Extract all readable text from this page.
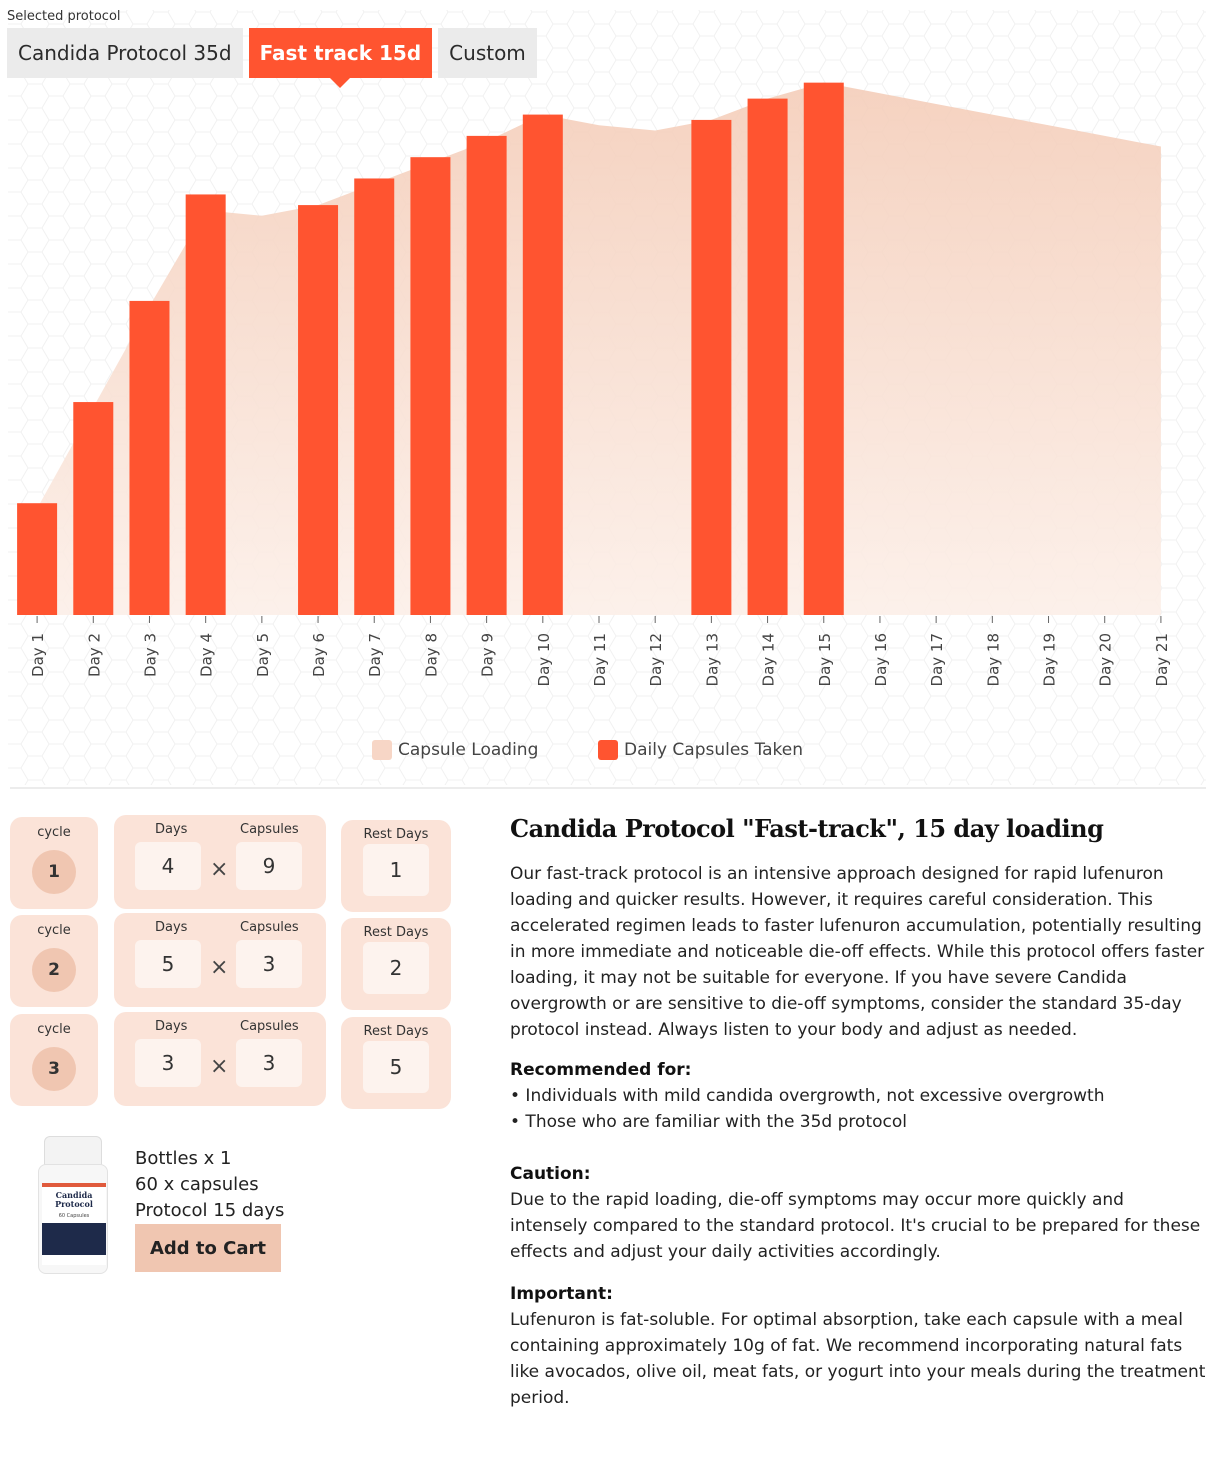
Day 1	Day 2	Day 3	Day 4	Day 5	Day 6	Day 7	Day 8	Day 9	Day 10	Day 11	Day 12	Day 13	Day 14	Day 15	Day 16	Day 17	Day 18	Day 19	Day 20	Day 21
Capsule Loading	Daily Capsules Taken
Selected protocol
Candida Protocol 35d	Fast track 15d	Custom
cycle
1
Days	Capsules
4	×	9
Rest Days
1
cycle
2
Days	Capsules
5	×	3
Rest Days
2
cycle
3
Days	Capsules
3	×	3
Rest Days
5
Candida Protocol
60 Capsules
Bottles x 1
60 x capsules
Protocol 15 days
Add to Cart
Candida Protocol "Fast-track", 15 day loading

Our fast-track protocol is an intensive approach designed for rapid lufenuron loading and quicker results. However, it requires careful consideration. This accelerated regimen leads to faster lufenuron accumulation, potentially resulting in more immediate and noticeable die-off effects. While this protocol offers faster loading, it may not be suitable for everyone. If you have severe Candida overgrowth or are sensitive to die-off symptoms, consider the standard 35-day protocol instead. Always listen to your body and adjust as needed.

Recommended for:
• Individuals with mild candida overgrowth, not excessive overgrowth
• Those who are familiar with the 35d protocol
Caution:

Due to the rapid loading, die-off symptoms may occur more quickly and intensely compared to the standard protocol. It's crucial to be prepared for these effects and adjust your daily activities accordingly.

Important:

Lufenuron is fat-soluble. For optimal absorption, take each capsule with a meal containing approximately 10g of fat. We recommend incorporating natural fats like avocados, olive oil, meat fats, or yogurt into your meals during the treatment period.
